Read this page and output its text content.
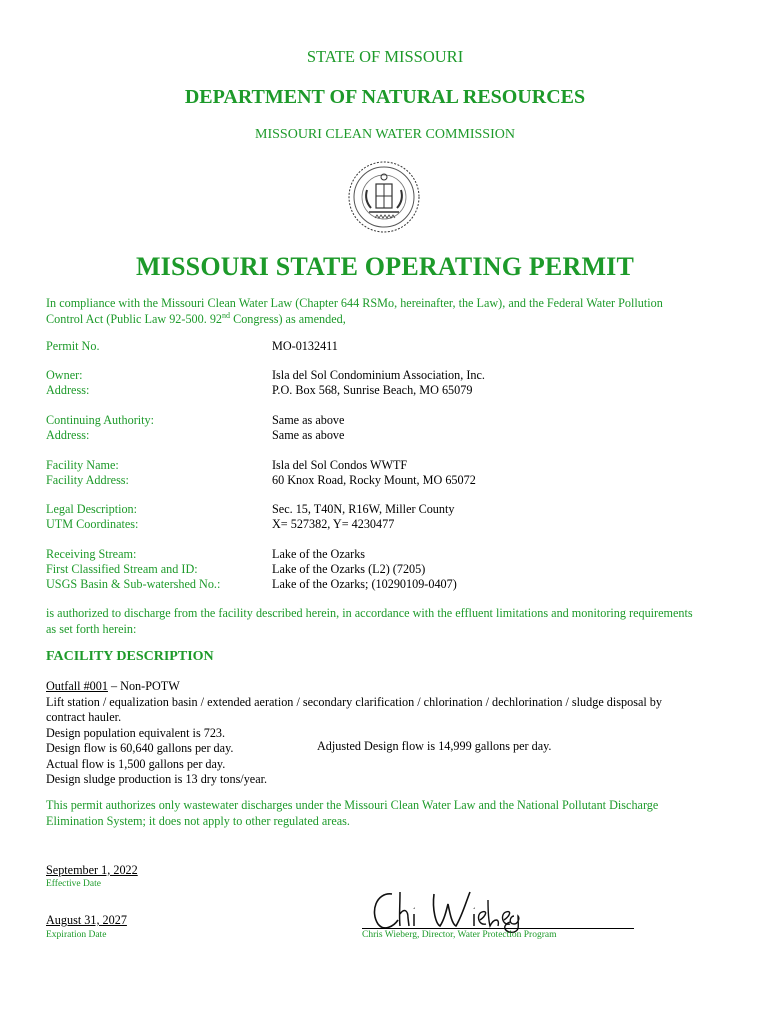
STATE OF MISSOURI
DEPARTMENT OF NATURAL RESOURCES
MISSOURI CLEAN WATER COMMISSION
MISSOURI STATE OPERATING PERMIT
In compliance with the Missouri Clean Water Law (Chapter 644 RSMo, hereinafter, the Law), and the Federal Water Pollution
Control Act (Public Law 92-500. 92nd Congress) as amended,
Permit No.	MO-0132411
Owner:	Isla del Sol Condominium Association, Inc.
Address:	P.O. Box 568, Sunrise Beach, MO 65079
Continuing Authority:	Same as above
Address:	Same as above
Facility Name:	Isla del Sol Condos WWTF
Facility Address:	60 Knox Road, Rocky Mount, MO 65072
Legal Description:	Sec. 15, T40N, R16W, Miller County
UTM Coordinates:	X= 527382, Y= 4230477
Receiving Stream:	Lake of the Ozarks
First Classified Stream and ID:	Lake of the Ozarks (L2) (7205)
USGS Basin & Sub-watershed No.:	Lake of the Ozarks; (10290109-0407)
is authorized to discharge from the facility described herein, in accordance with the effluent limitations and monitoring requirements
as set forth herein:
FACILITY DESCRIPTION
Outfall #001 – Non-POTW
Lift station / equalization basin / extended aeration / secondary clarification / chlorination / dechlorination / sludge disposal by
contract hauler.
Design population equivalent is 723.
Design flow is 60,640 gallons per day.
Actual flow is 1,500 gallons per day.
Design sludge production is 13 dry tons/year.
Adjusted Design flow is 14,999 gallons per day.
This permit authorizes only wastewater discharges under the Missouri Clean Water Law and the National Pollutant Discharge
Elimination System; it does not apply to other regulated areas.
September 1, 2022
Effective Date
August 31, 2027
Expiration Date
Chris Wieberg
Chris Wieberg, Director, Water Protection Program
